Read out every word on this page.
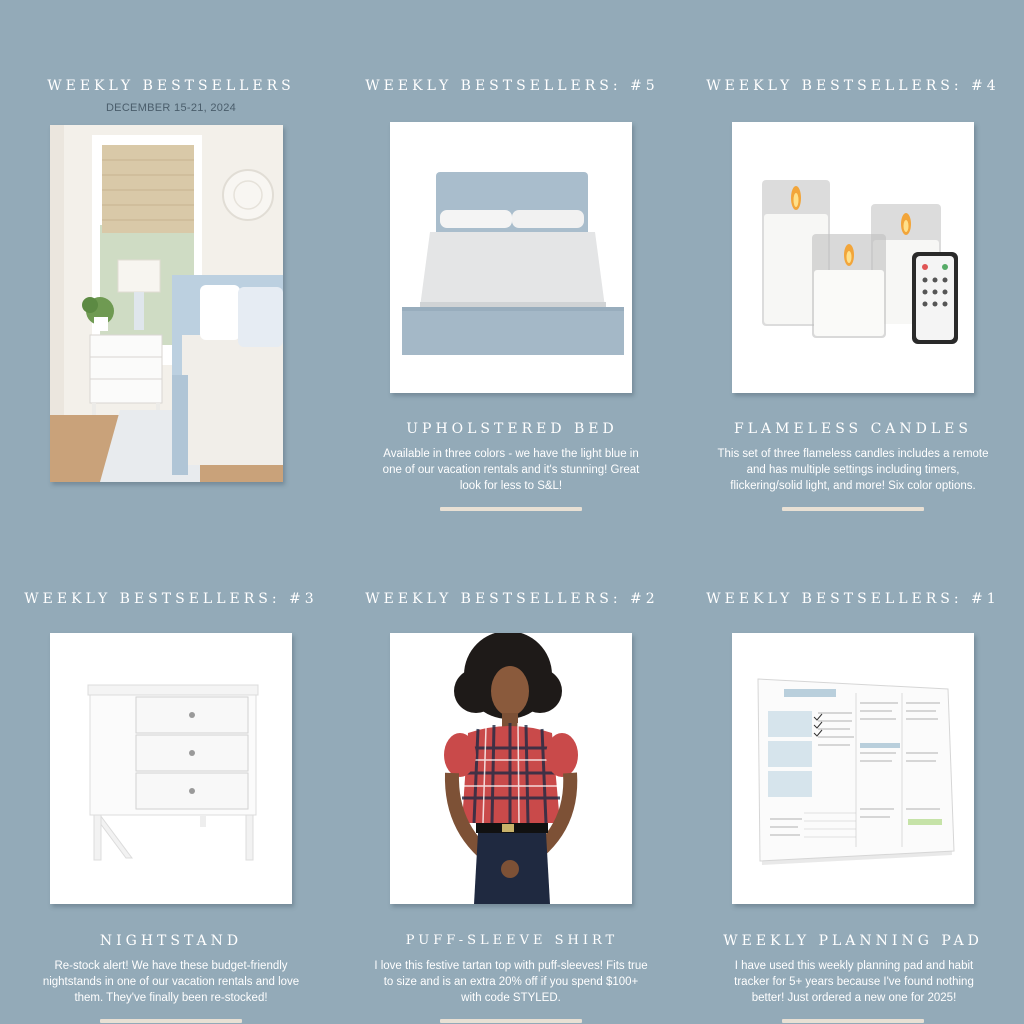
WEEKLY BESTSELLERS
DECEMBER 15-21, 2024
WEEKLY BESTSELLERS: #5
UPHOLSTERED BED
Available in three colors - we have the light blue in one of our vacation rentals and it's stunning! Great look for less to S&L!
WEEKLY BESTSELLERS: #4
FLAMELESS CANDLES
This set of three flameless candles includes a remote and has multiple settings including timers, flickering/solid light, and more! Six color options.
WEEKLY BESTSELLERS: #3
NIGHTSTAND
Re-stock alert! We have these budget-friendly nightstands in one of our vacation rentals and love them. They've finally been re-stocked!
WEEKLY BESTSELLERS: #2
PUFF-SLEEVE SHIRT
I love this festive tartan top with puff-sleeves! Fits true to size and is an extra 20% off if you spend $100+ with code STYLED.
WEEKLY BESTSELLERS: #1
WEEKLY PLANNING PAD
I have used this weekly planning pad and habit tracker for 5+ years because I've found nothing better! Just ordered a new one for 2025!
